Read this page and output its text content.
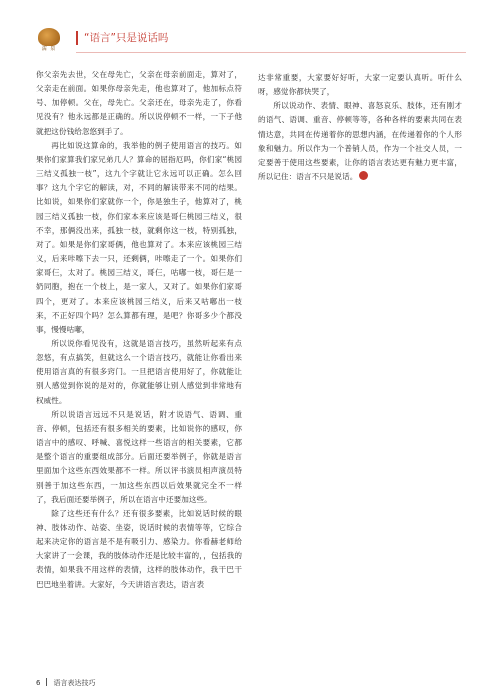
濡 泉
“语言”只是说话吗

你父亲先去世，父在母先亡，父亲在母亲前面走，算对了，父亲走在前面。如果你母亲先走，他也算对了，他加标点符号、加停顿。父在，母先亡。父亲还在，母亲先走了，你看见没有？他永远都是正确的。所以说停顿不一样，一下子他就把这份钱给忽悠到手了。

再比如说这算命的，我举他的例子使用语言的技巧。如果你们家算我们家兄弟几人？算命的屈指厄吗，你们家“桃园三结义孤独一枝”，这九个字就让它永远可以正确。怎么回事？这九个字它的解读，对，不同的解读带来不同的结果。比如说，如果你们家就你一个，你是独生子，他算对了，桃园三结义孤独一枝，你们家本来应该是哥仨桃园三结义，很不幸，那俩没出来，孤独一枝，就剩你这一枝，特别孤独，对了。如果是你们家哥俩，他也算对了。本来应该桃园三结义，后来咔嚓下去一只，还剩俩，咔嚓走了一个。如果你们家哥仨，太对了。桃园三结义，哥仨，咕嘟一枝，哥仨是一奶同胞，抱在一个枝上，是一家人，又对了。如果你们家哥四个，更对了。本来应该桃园三结义，后来又咕嘟出一枝来，不正好四个吗？怎么算都有理，是吧？你哥多少个都没事，慢慢咕嘟，

所以说你看见没有，这就是语言技巧，虽然听起来有点忽悠，有点搞笑，但就这么一个语言技巧，就能让你看出来使用语言真的有很多窍门。一旦把语言使用好了，你就能让别人感觉到你说的是对的，你就能够让别人感觉到非常地有权威性。

所以说语言远远不只是说话，附才说语气、语调、重音、停顿，包括还有很多相关的要素，比如说你的感叹，你语言中的感叹、呼喊、喜悦这样一些语言的相关要素，它都是整个语言的重要组成部分。后面还要举例子，你就是语言里面加个这些东西效果都不一样。所以评书演员相声演员特别善于加这些东西，一加这些东西以后效果就完全不一样了，我后面还要举例子，所以在语言中还要加这些。

除了这些还有什么？还有很多要素，比如说话时候的眼神、肢体动作、站姿、坐姿，说话时候的表情等等，它综合起来决定你的语言是不是有吸引力、感染力。你看赫老师给大家讲了一会课，我的肢体动作还是比较丰富的，，包括我的表情，如果我不用这样的表情，这样的肢体动作，我干巴干巴巴地坐着讲。大家好，今天讲语言表达，语言表

达非常重要，大家要好好听，大家一定要认真听。听什么呀，感觉你都快哭了，

所以说动作、表情、眼神、喜怒哀乐、肢体，还有刚才的语气、语调、重音、停顿等等，各种各样的要素共同在表情达意，共同在传递着你的思想内涵，在传递着你的个人形象和魅力。所以作为一个普销人员，作为一个社交人员，一定要善于使用这些要素，让你的语言表达更有魅力更丰富，所以记住：语言不只是说话。

6 语言表达技巧
